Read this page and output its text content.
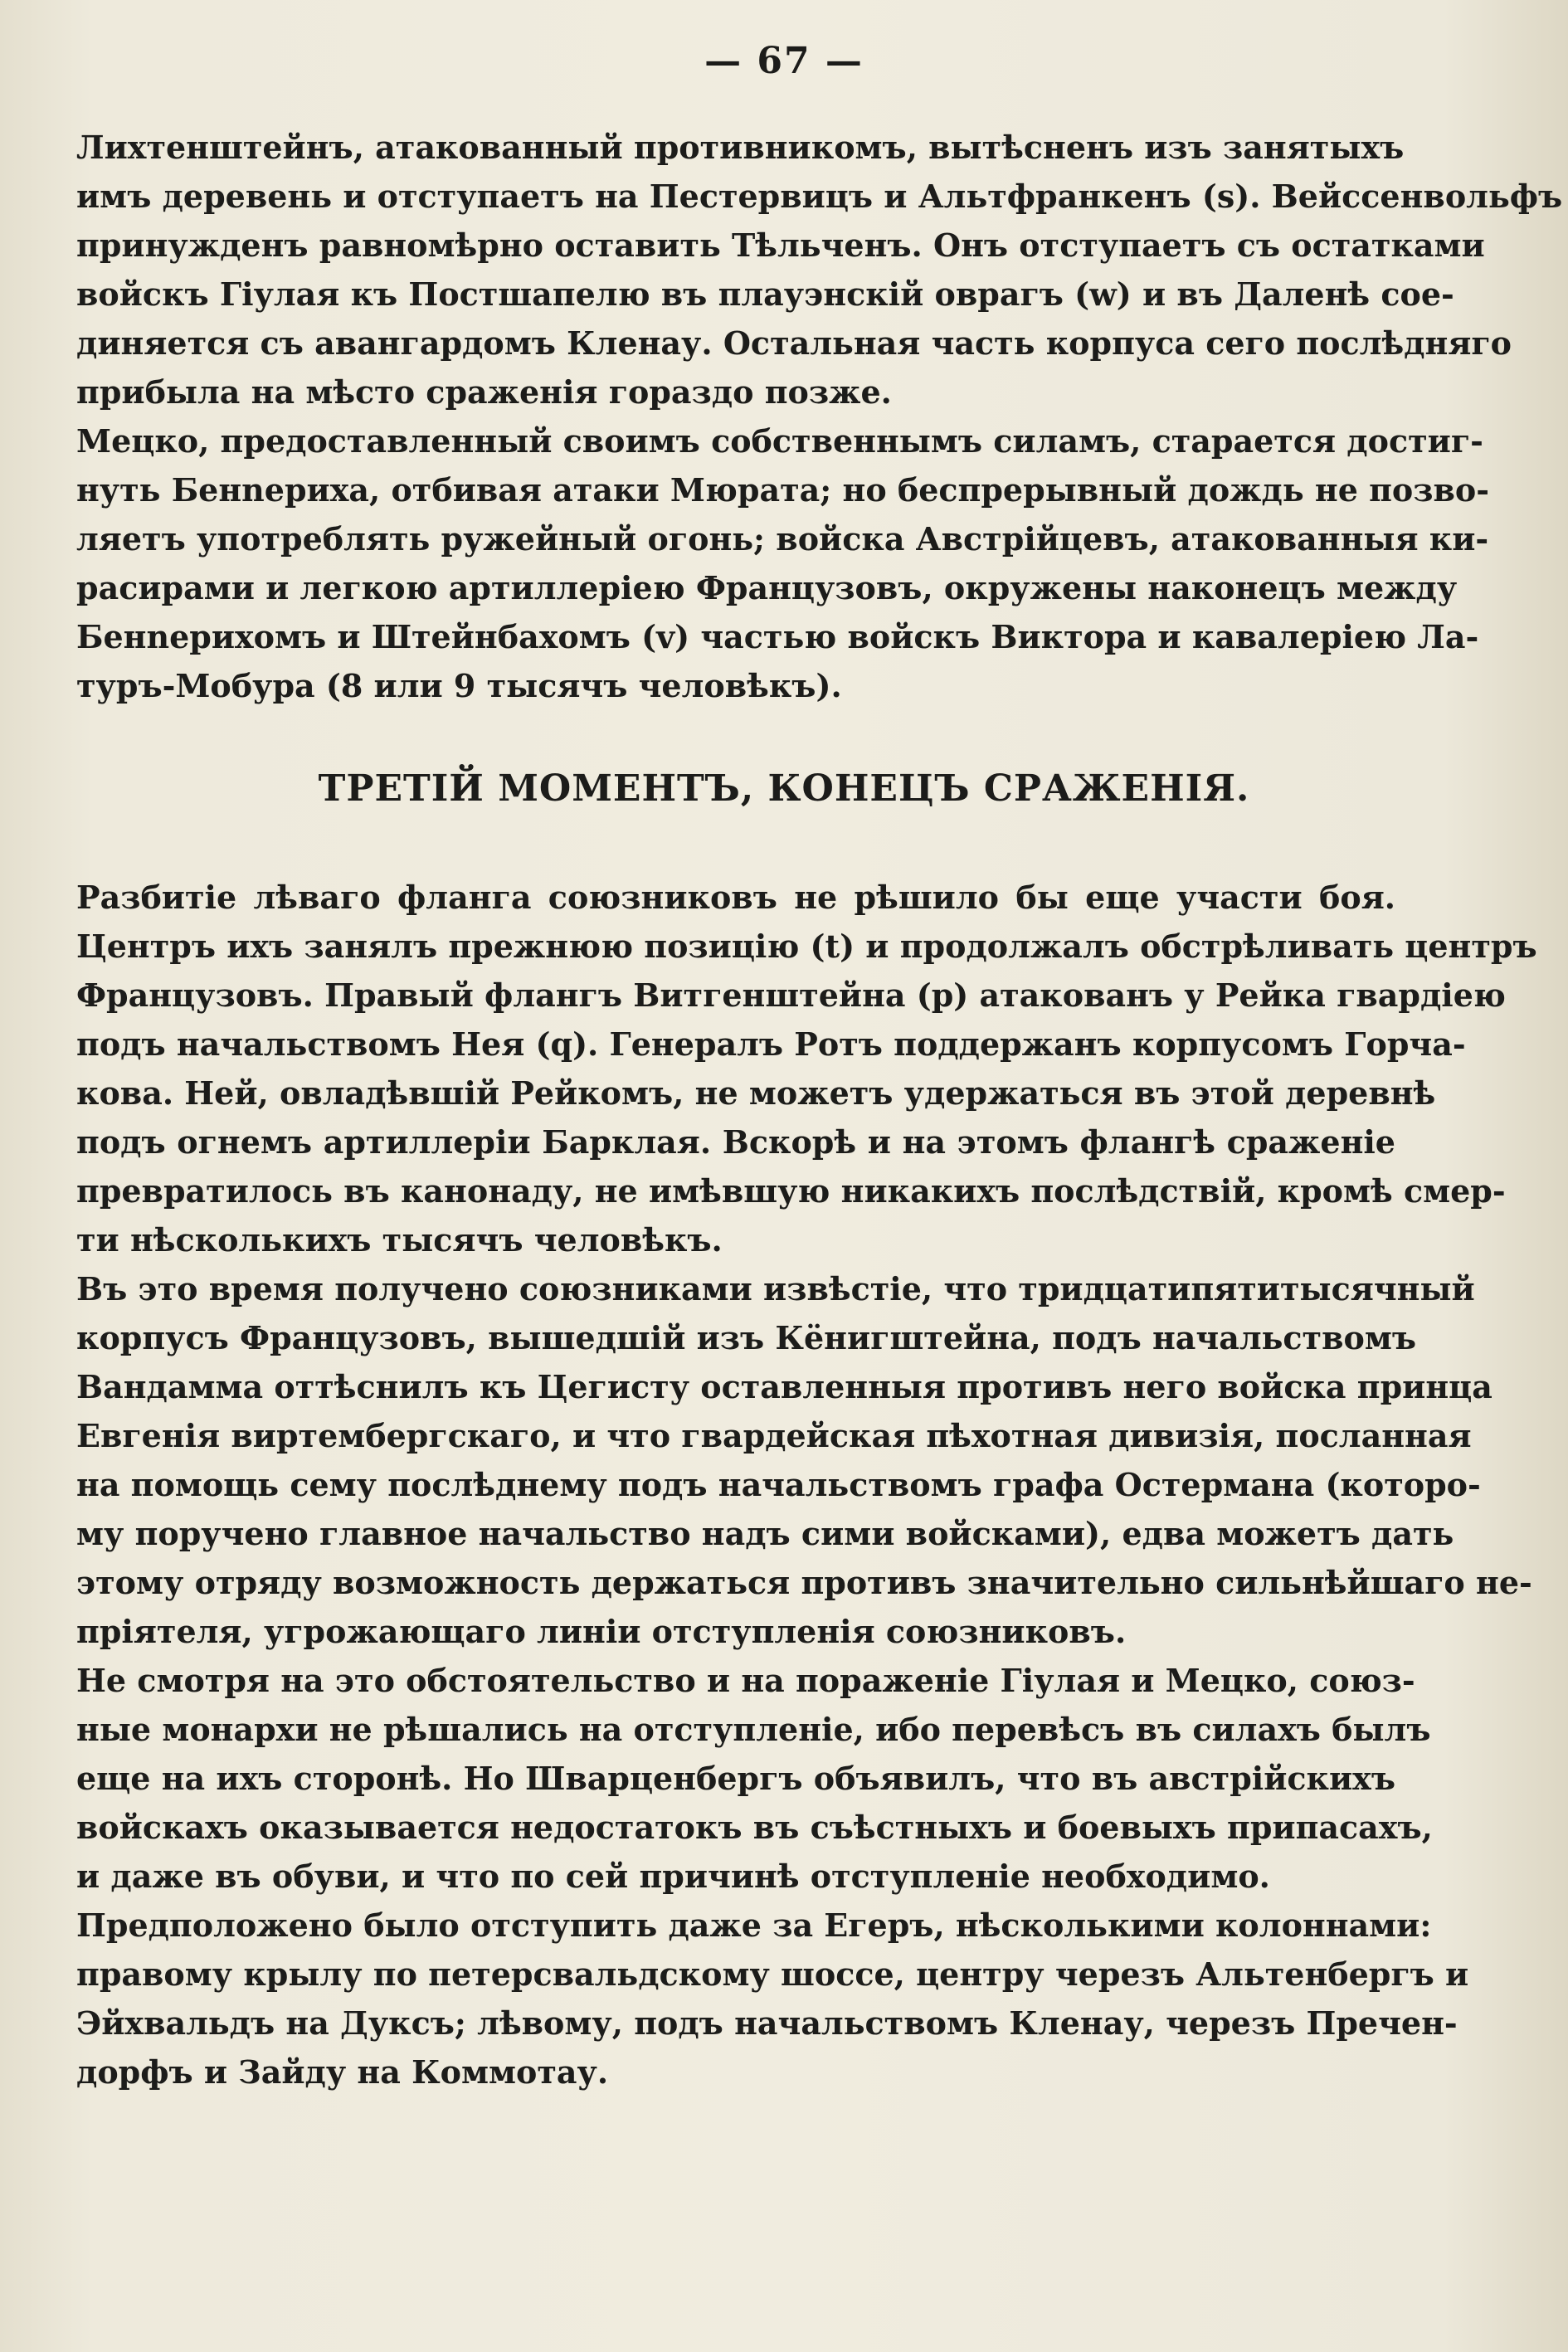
— 67 —

Лихтенштейнъ, атакованный противникомъ, вытѣсненъ изъ занятыхъ
имъ деревень и отступаетъ на Пестервицъ и Альтфранкенъ (s). Вейссенвольфъ
принужденъ равномѣрно оставить Тѣльченъ. Онъ отступаетъ съ остатками
войскъ Гіулая къ Постшапелю въ плауэнскій оврагъ (w) и въ Даленѣ сое-
диняется съ авангардомъ Кленау. Остальная часть корпуса сего послѣдняго
прибыла на мѣсто сраженія гораздо позже.
Мецко, предоставленный своимъ собственнымъ силамъ, старается достиг-
нуть Бенneриха, отбивая атаки Мюрата; но беспрерывный дождь не позво-
ляетъ употреблять ружейный огонь; войска Австрійцевъ, атакованныя ки-
расирами и легкою артиллеріею Французовъ, окружены наконецъ между
Бенneрихомъ и Штейнбахомъ (v) частью войскъ Виктора и кавалеріею Ла-
туръ-Мобура (8 или 9 тысячъ человѣкъ).
ТРЕТІЙ МОМЕНТЪ, КОНЕЦЪ СРАЖЕНІЯ.
Разбитіе лѣваго фланга союзниковъ не рѣшило бы еще участи боя.
Центръ ихъ занялъ прежнюю позицію (t) и продолжалъ обстрѣливать центръ
Французовъ. Правый флангъ Витгенштейна (p) атакованъ у Рейка гвардіею
подъ начальствомъ Нея (q). Генералъ Ротъ поддержанъ корпусомъ Горча-
кова. Ней, овладѣвшій Рейкомъ, не можетъ удержаться въ этой деревнѣ
подъ огнемъ артиллеріи Барклая. Вскорѣ и на этомъ флангѣ сраженіе
превратилось въ канонаду, не имѣвшую никакихъ послѣдствій, кромѣ смер-
ти нѣсколькихъ тысячъ человѣкъ.
Въ это время получено союзниками извѣстіе, что тридцатипятитысячный
корпусъ Французовъ, вышедшій изъ Кёнигштейна, подъ начальствомъ
Вандамма оттѣснилъ къ Цегисту оставленныя противъ него войска принца
Евгенія виртембергскаго, и что гвардейская пѣхотная дивизія, посланная
на помощь сему послѣднему подъ начальствомъ графа Остермана (которо-
му поручено главное начальство надъ сими войсками), едва можетъ дать
этому отряду возможность держаться противъ значительно сильнѣйшаго не-
пріятеля, угрожающаго линіи отступленія союзниковъ.
Не смотря на это обстоятельство и на пораженіе Гіулая и Мецко, союз-
ные монархи не рѣшались на отступленіе, ибо перевѣсъ въ силахъ былъ
еще на ихъ сторонѣ. Но Шварценбергъ объявилъ, что въ австрійскихъ
войскахъ оказывается недостатокъ въ съѣстныхъ и боевыхъ припасахъ,
и даже въ обуви, и что по сей причинѣ отступленіе необходимо.
Предположено было отступить даже за Егеръ, нѣсколькими колоннами:
правому крылу по петерсвальдскому шоссе, центру черезъ Альтенбергъ и
Эйхвальдъ на Дуксъ; лѣвому, подъ начальствомъ Кленау, черезъ Пречен-
дорфъ и Зайду на Коммотау.
